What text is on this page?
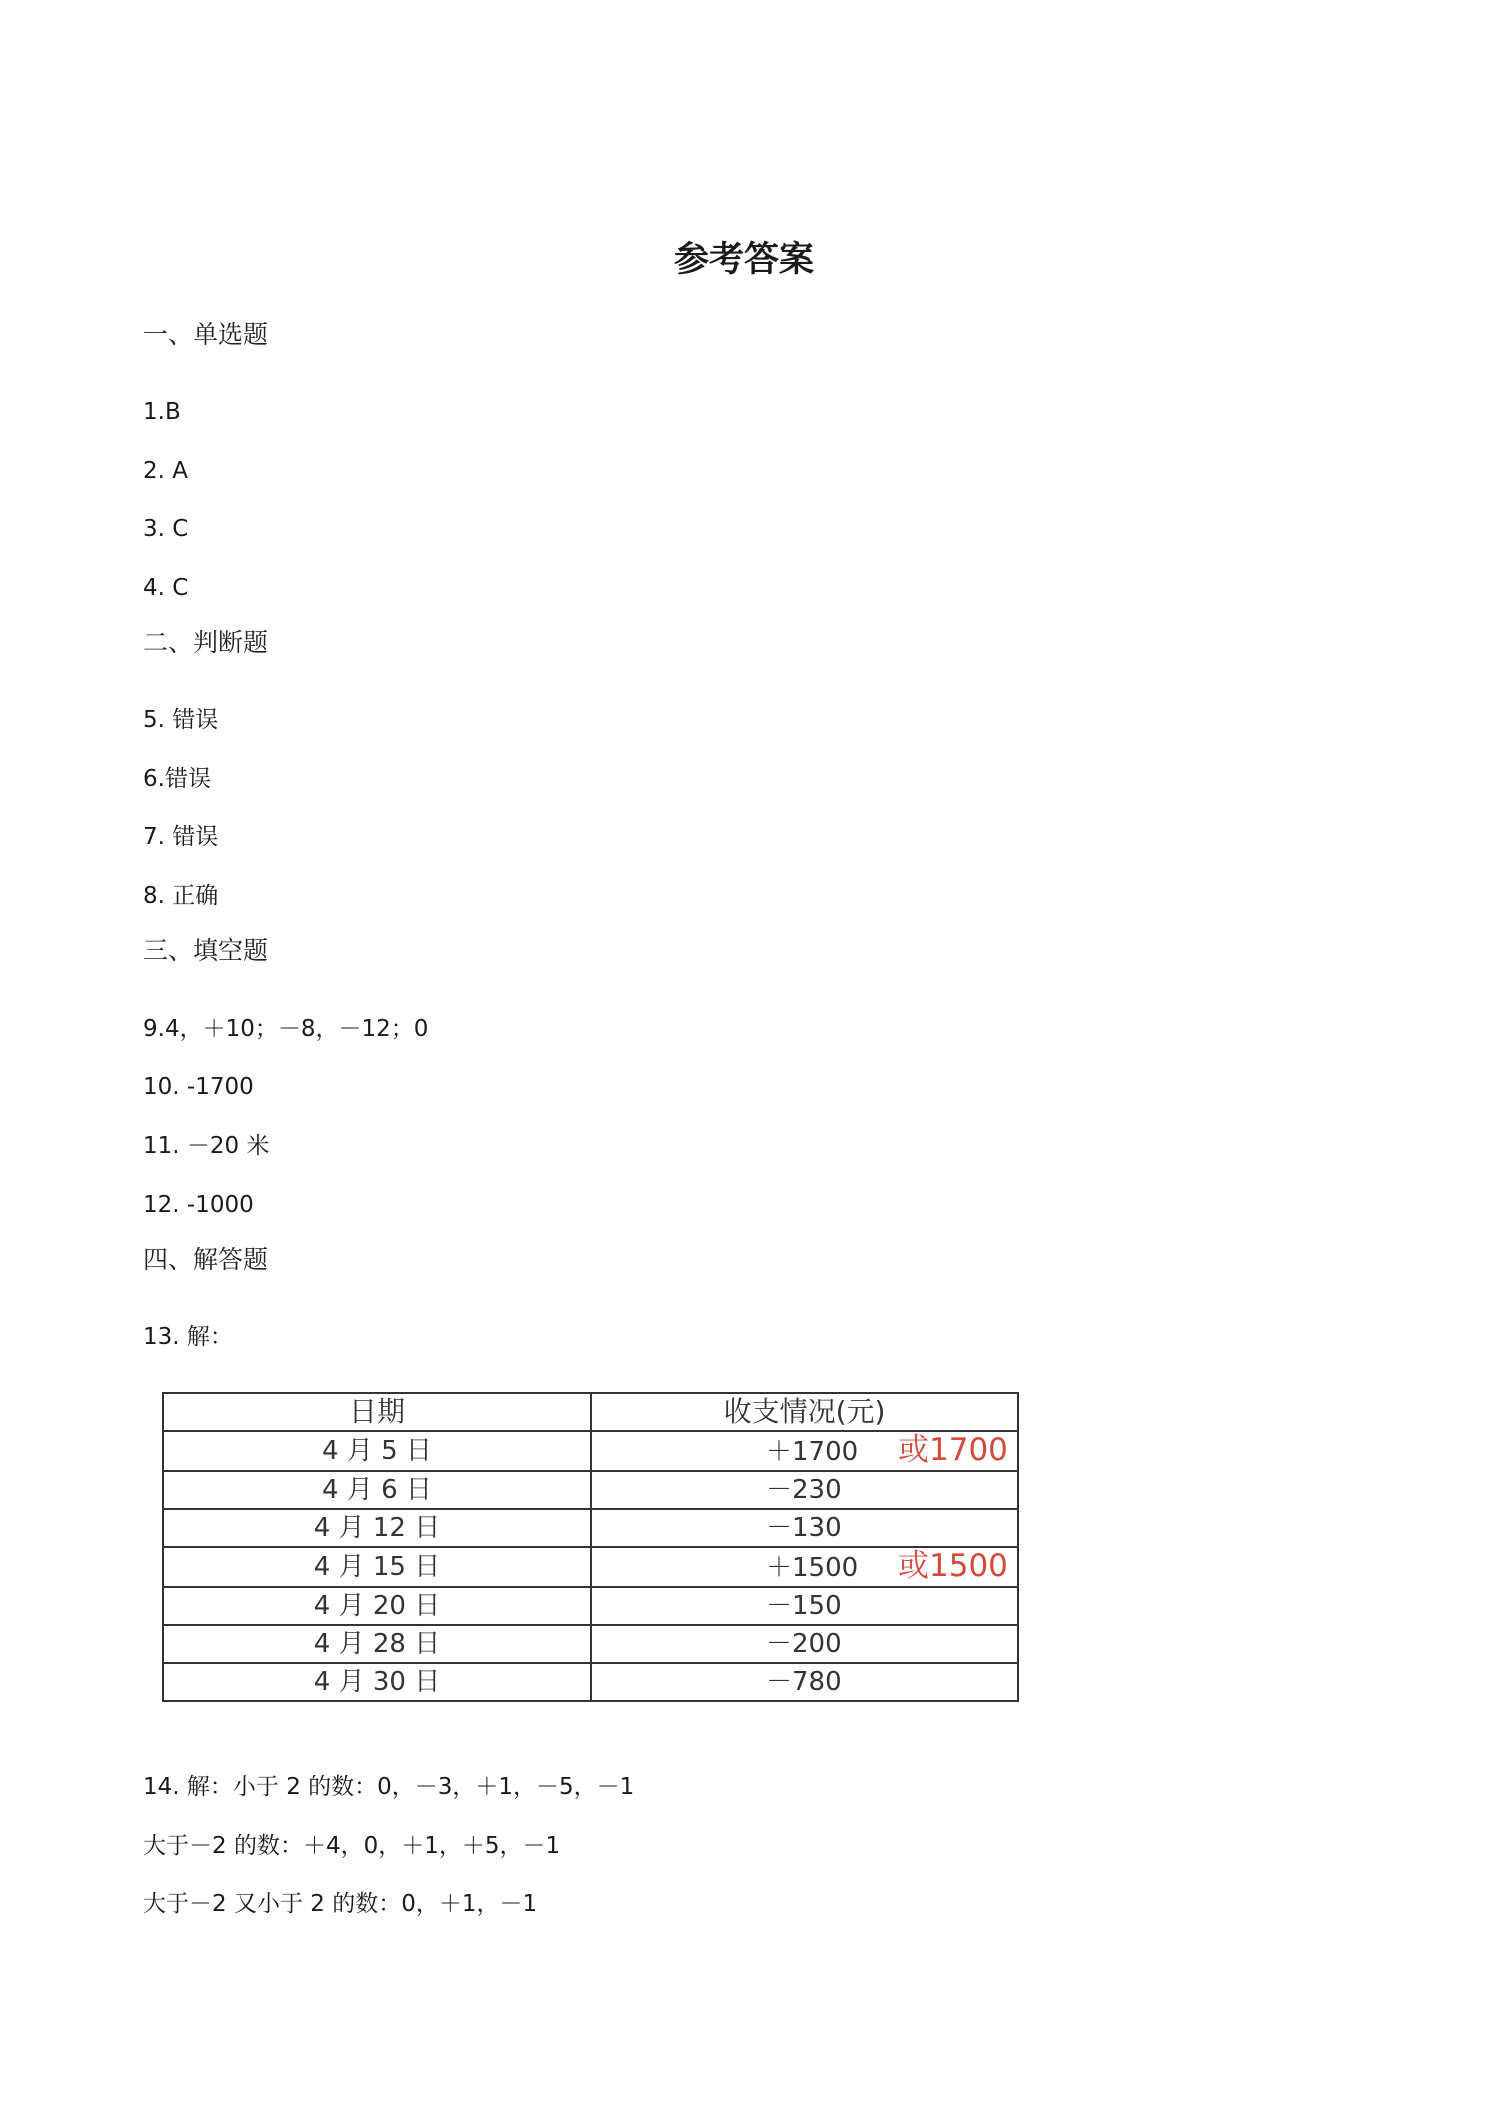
参考答案
一、单选题
1.B
2. A
3. C
4. C
二、判断题
5. 错误
6.错误
7. 错误
8. 正确
三、填空题
9.4，＋10；－8，－12；0
10. -1700
11. －20 米
12. -1000
四、解答题
13. 解：
日期	收支情况(元)
4 月 5 日	＋1700 或1700
4 月 6 日	－230
4 月 12 日	－130
4 月 15 日	＋1500 或1500
4 月 20 日	－150
4 月 28 日	－200
4 月 30 日	－780
14. 解：小于 2 的数：0，－3，＋1，－5，－1
大于－2 的数：＋4，0，＋1，＋5，－1
大于－2 又小于 2 的数：0，＋1，－1
